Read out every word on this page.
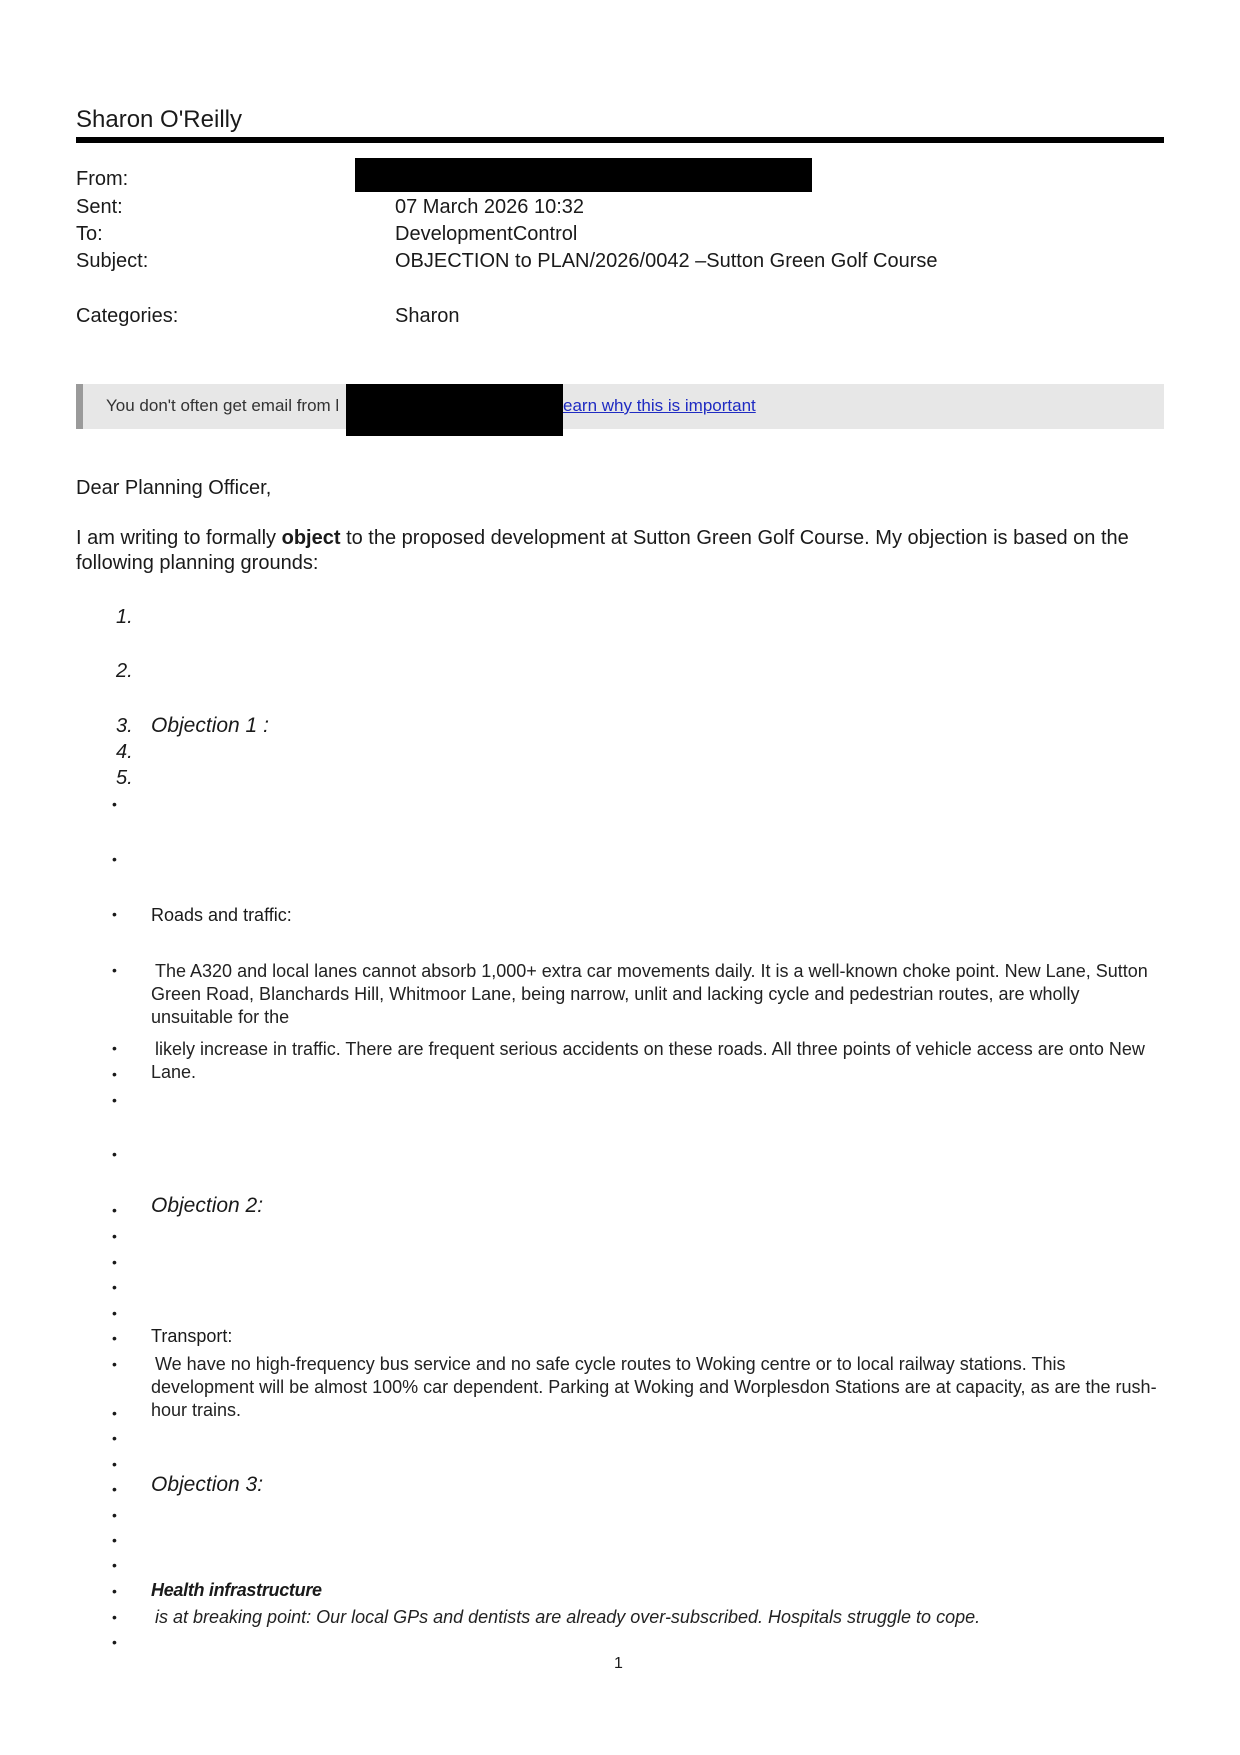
Sharon O'Reilly
From:
Sent:	07 March 2026 10:32
To:	DevelopmentControl
Subject:	OBJECTION to PLAN/2026/0042 –Sutton Green Golf Course
Categories:	Sharon
You don't often get email from l	earn why this is important
Dear Planning Officer,
I am writing to formally object to the proposed development at Sutton Green Golf Course. My objection is based on the following planning grounds:
1.
2.
3. Objection 1 :
4.
5.
•
•
• Roads and traffic:
• The A320 and local lanes cannot absorb 1,000+ extra car movements daily. It is a well-known choke point. New Lane, Sutton Green Road, Blanchards Hill, Whitmoor Lane, being narrow, unlit and lacking cycle and pedestrian routes, are wholly unsuitable for the
• likely increase in traffic. There are frequent serious accidents on these roads. All three points of vehicle access are onto New Lane.
•
•
•
• Objection 2:
•
•
•
•
• Transport:
• We have no high-frequency bus service and no safe cycle routes to Woking centre or to local railway stations. This development will be almost 100% car dependent. Parking at Woking and Worplesdon Stations are at capacity, as are the rush-hour trains.
•
•
•
• Objection 3:
•
•
•
• Health infrastructure
• is at breaking point: Our local GPs and dentists are already over-subscribed. Hospitals struggle to cope.
•
1
